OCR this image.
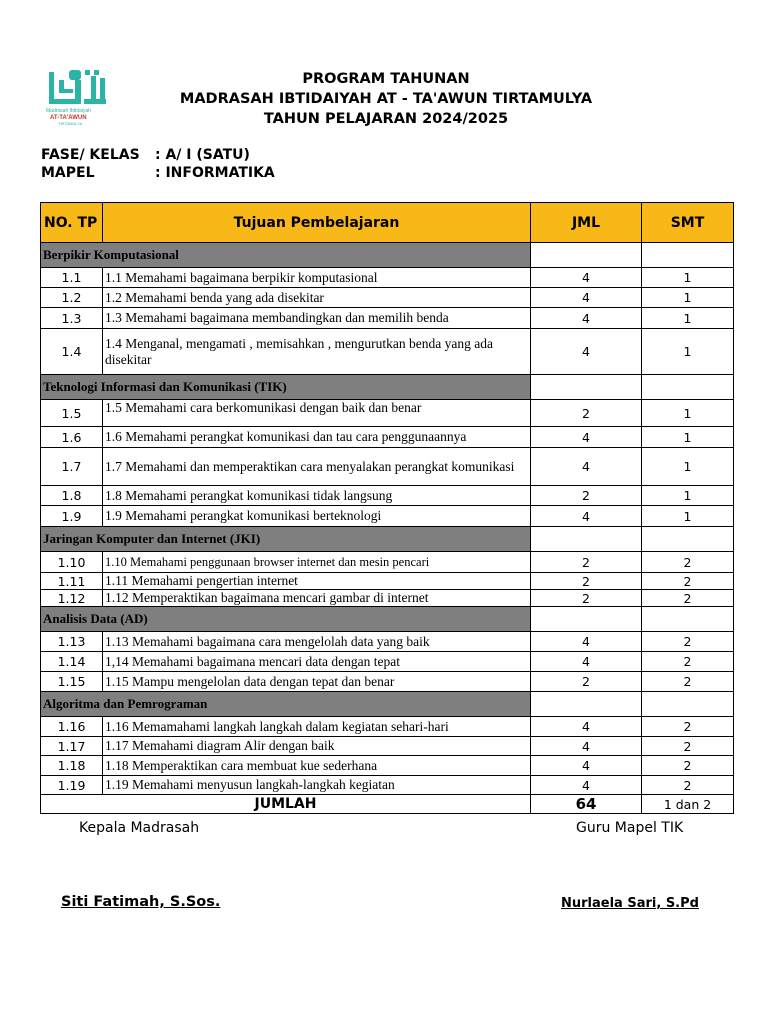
Madrasah Ibtidaiyah
AT-TA'AWUN
TIRTAMULYA
PROGRAM TAHUNAN
MADRASAH IBTIDAIYAH AT - TA'AWUN TIRTAMULYA
TAHUN PELAJARAN 2024/2025
FASE/ KELAS : A/ I (SATU)
MAPEL	: INFORMATIKA
NO. TP	Tujuan Pembelajaran	JML	SMT
Berpikir Komputasional			
1.1	1.1 Memahami bagaimana berpikir komputasional	4	1
1.2	1.2 Memahami benda yang ada disekitar	4	1
1.3	1.3 Memahami bagaimana membandingkan dan memilih benda	4	1
1.4	1.4 Menganal, mengamati , memisahkan , mengurutkan benda yang ada disekitar	4	1
Teknologi Informasi dan Komunikasi (TIK)			
1.5	1.5 Memahami cara berkomunikasi dengan baik dan benar	2	1
1.6	1.6 Memahami perangkat komunikasi dan tau cara penggunaannya	4	1
1.7	1.7 Memahami dan memperaktikan cara menyalakan perangkat komunikasi	4	1
1.8	1.8 Memahami perangkat komunikasi tidak langsung	2	1
1.9	1.9 Memahami perangkat komunikasi berteknologi	4	1
Jaringan Komputer dan Internet (JKI)			
1.10	1.10 Memahami penggunaan browser internet dan mesin pencari	2	2
1.11	1.11 Memahami pengertian internet	2	2
1.12	1.12 Memperaktikan bagaimana mencari gambar di internet	2	2
Analisis Data (AD)			
1.13	1.13 Memahami bagaimana cara mengelolah data yang baik	4	2
1.14	1,14 Memahami bagaimana mencari data dengan tepat	4	2
1.15	1.15 Mampu mengelolan data dengan tepat dan benar	2	2
Algoritma dan Pemrograman			
1.16	1.16 Memamahami langkah langkah dalam kegiatan sehari-hari	4	2
1.17	1.17 Memahami diagram Alir dengan baik	4	2
1.18	1.18 Memperaktikan cara membuat kue sederhana	4	2
1.19	1.19 Memahami menyusun langkah-langkah kegiatan	4	2
JUMLAH		64	1 dan 2
Kepala Madrasah	Guru Mapel TIK
Siti Fatimah, S.Sos.	Nurlaela Sari, S.Pd
